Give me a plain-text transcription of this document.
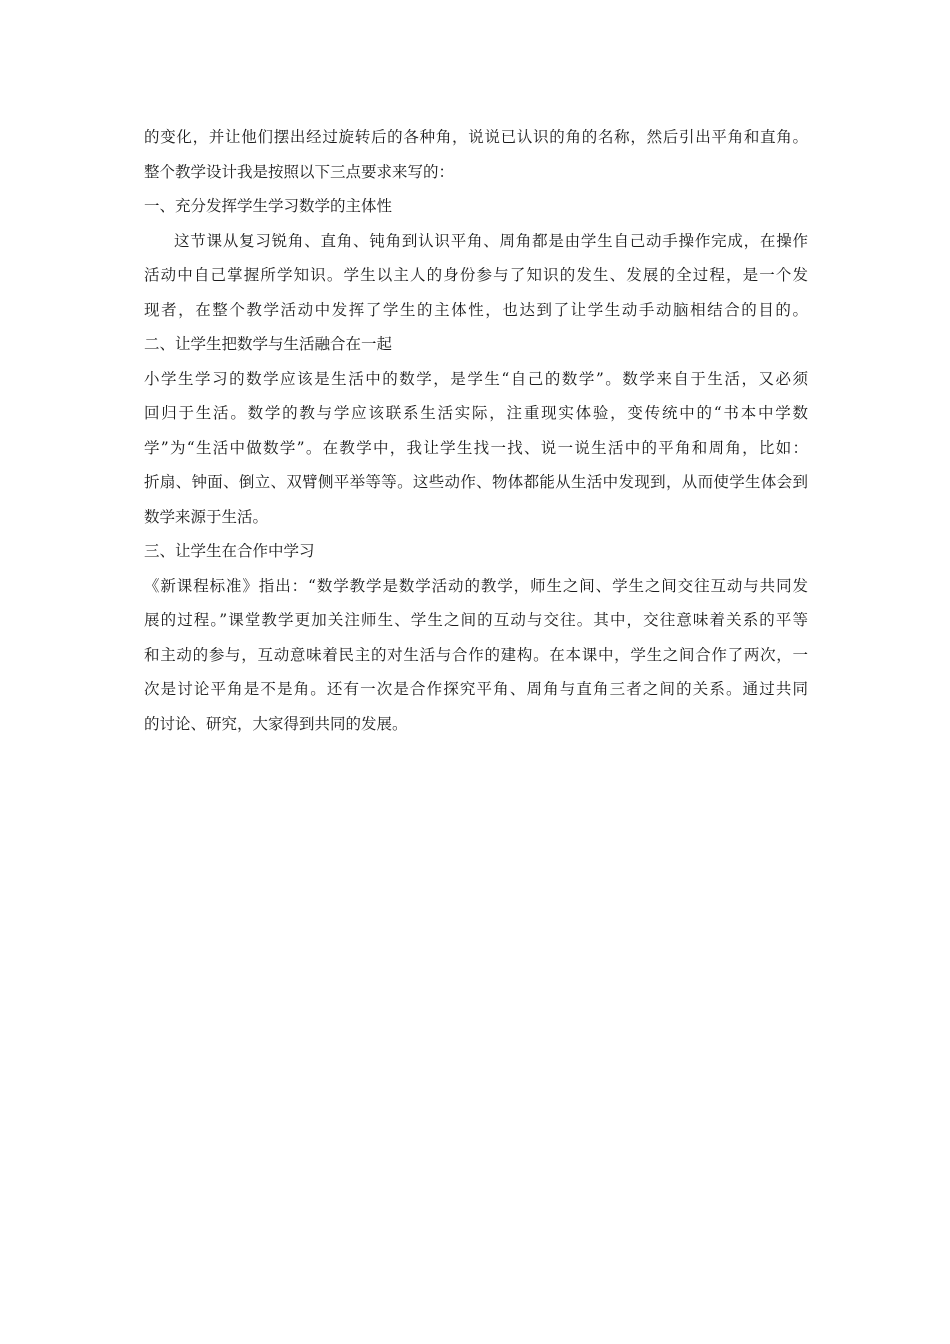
的变化，并让他们摆出经过旋转后的各种角，说说已认识的角的名称，然后引出平角和直角。
整个教学设计我是按照以下三点要求来写的：
一、充分发挥学生学习数学的主体性
这节课从复习锐角、直角、钝角到认识平角、周角都是由学生自己动手操作完成，在操作
活动中自己掌握所学知识。学生以主人的身份参与了知识的发生、发展的全过程，是一个发
现者，在整个教学活动中发挥了学生的主体性，也达到了让学生动手动脑相结合的目的。
二、让学生把数学与生活融合在一起
小学生学习的数学应该是生活中的数学，是学生“自己的数学”。数学来自于生活，又必须
回归于生活。数学的教与学应该联系生活实际，注重现实体验，变传统中的“书本中学数
学”为“生活中做数学”。在教学中，我让学生找一找、说一说生活中的平角和周角，比如：
折扇、钟面、倒立、双臂侧平举等等。这些动作、物体都能从生活中发现到，从而使学生体会到
数学来源于生活。
三、让学生在合作中学习
《新课程标准》指出：“数学教学是数学活动的教学，师生之间、学生之间交往互动与共同发
展的过程。”课堂教学更加关注师生、学生之间的互动与交往。其中，交往意味着关系的平等
和主动的参与，互动意味着民主的对生活与合作的建构。在本课中，学生之间合作了两次，一
次是讨论平角是不是角。还有一次是合作探究平角、周角与直角三者之间的关系。通过共同
的讨论、研究，大家得到共同的发展。
